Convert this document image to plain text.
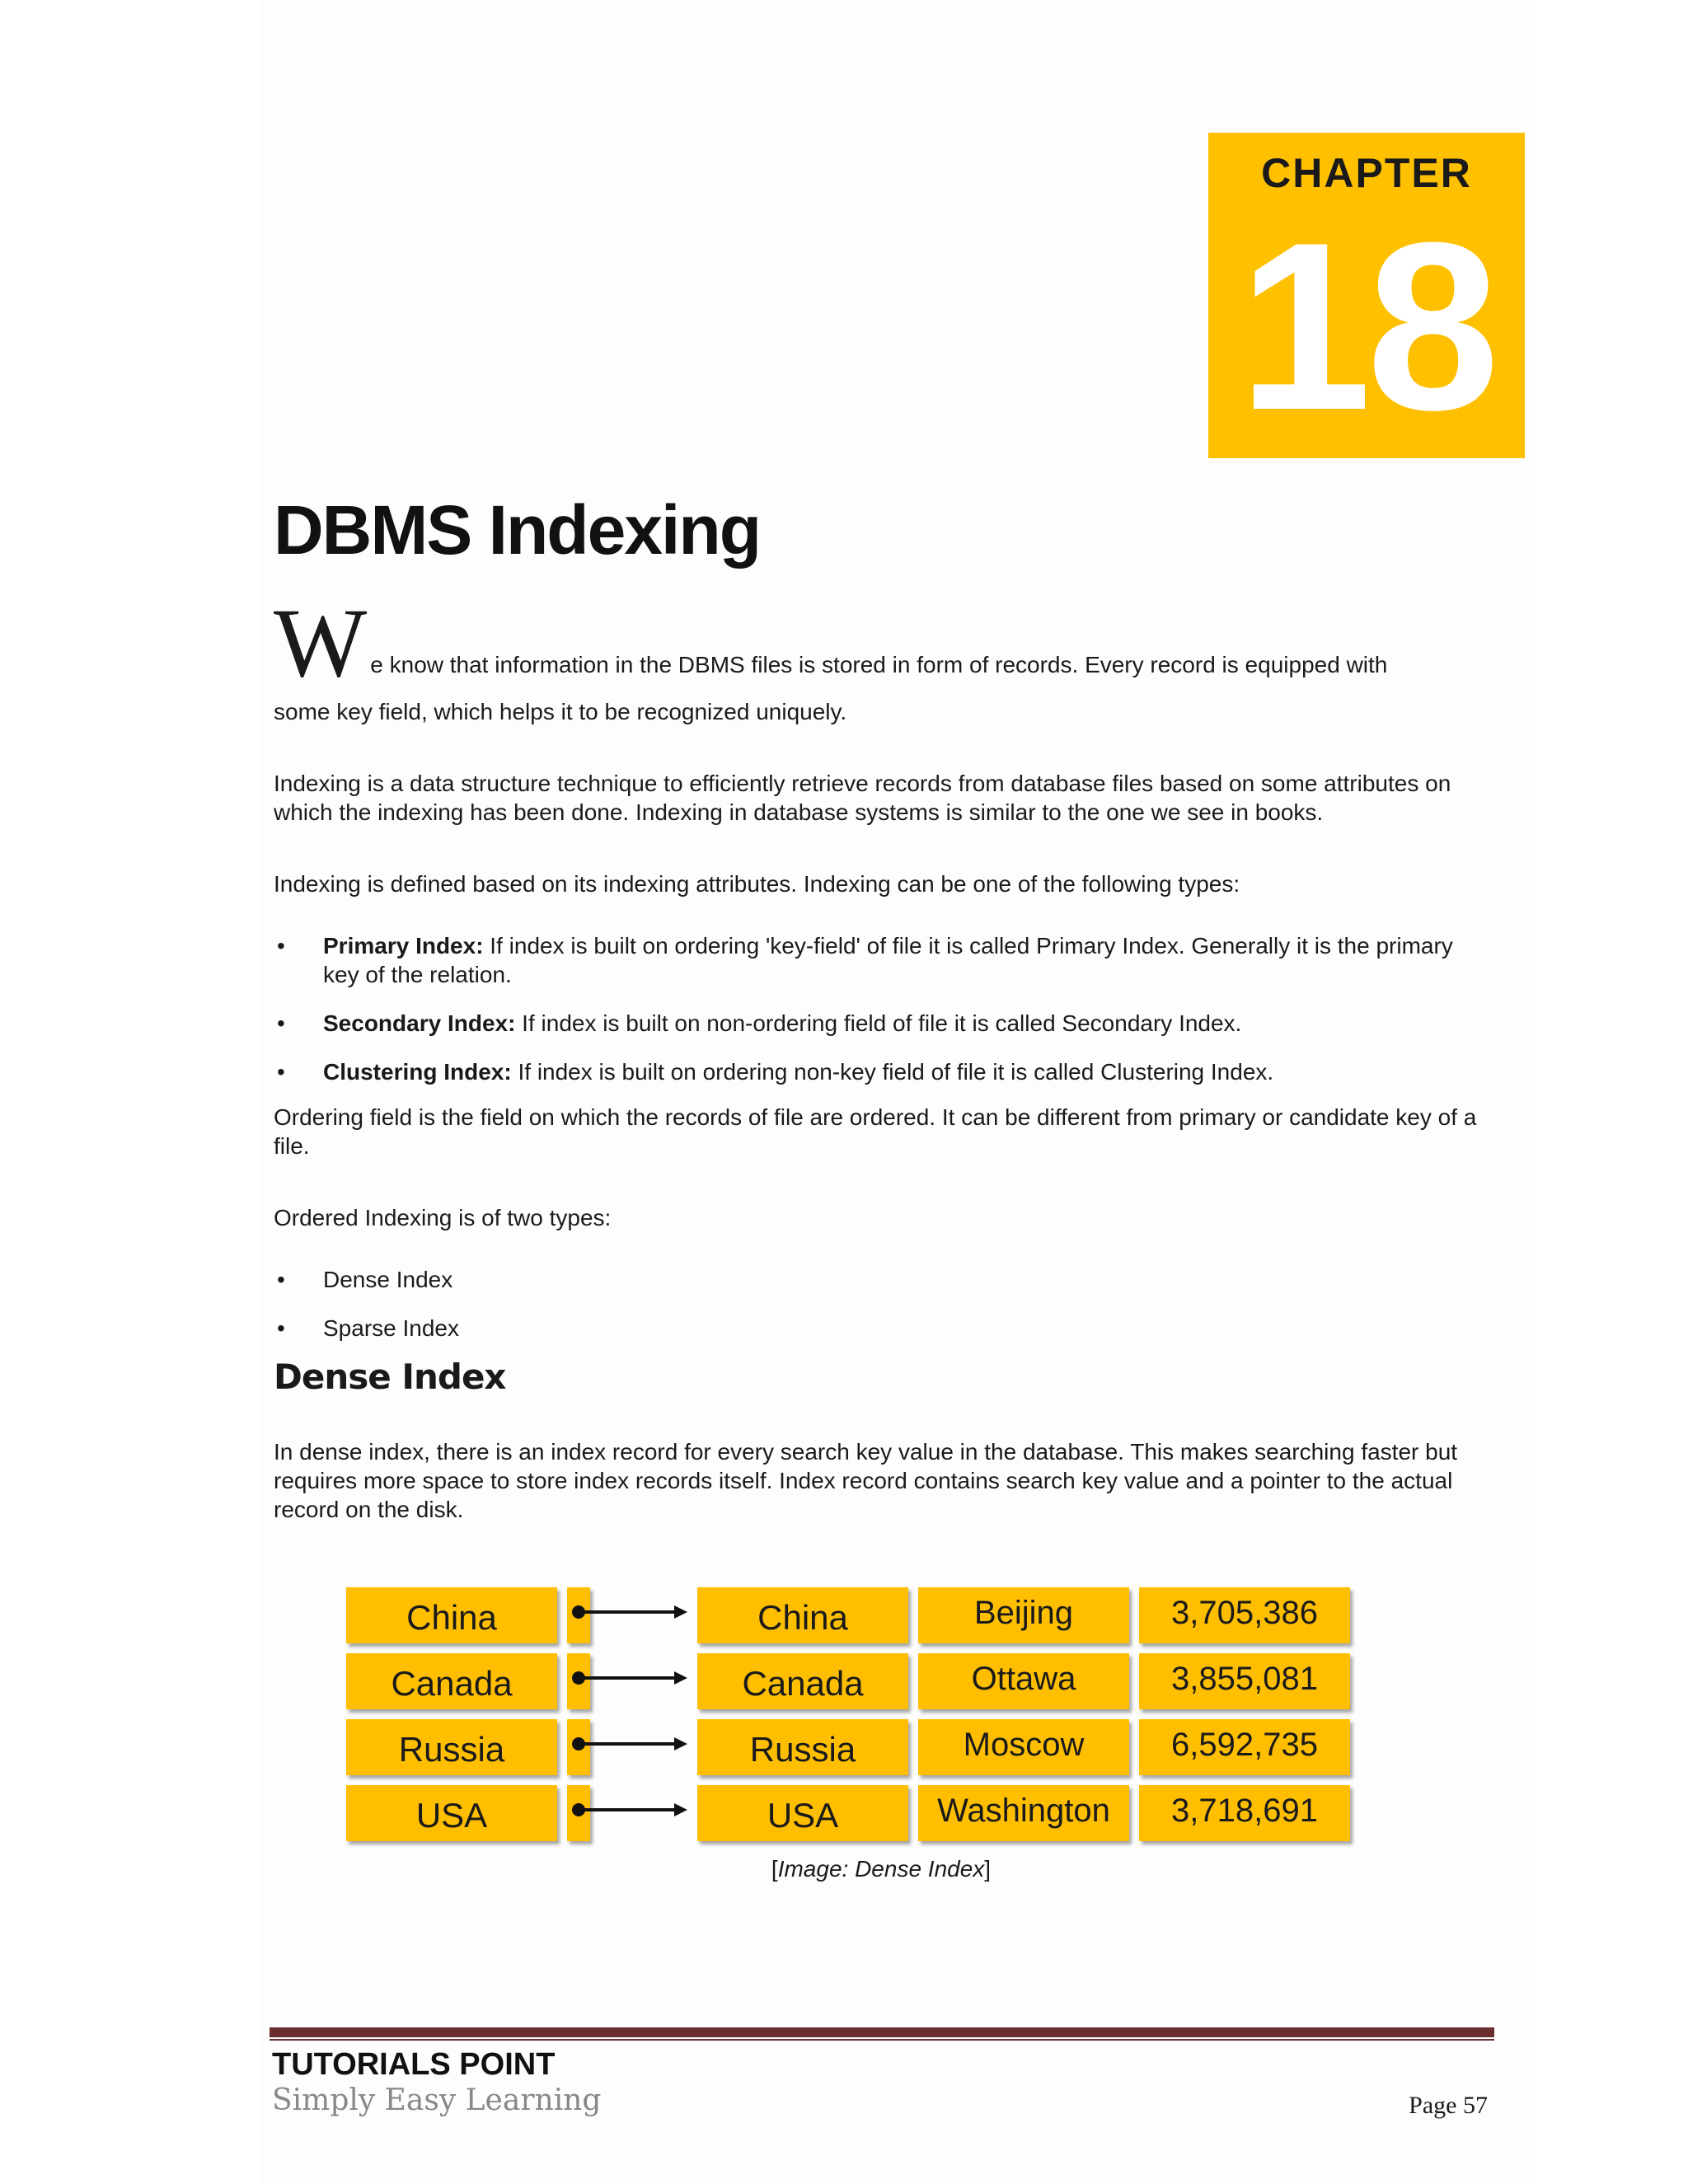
CHAPTER
18
DBMS Indexing

We know that information in the DBMS files is stored in form of records. Every record is equipped with
some key field, which helps it to be recognized uniquely.

Indexing is a data structure technique to efficiently retrieve records from database files based on some attributes on which the indexing has been done. Indexing in database systems is similar to the one we see in books.

Indexing is defined based on its indexing attributes. Indexing can be one of the following types:

• Primary Index: If index is built on ordering 'key-field' of file it is called Primary Index. Generally it is the primary key of the relation.
• Secondary Index: If index is built on non-ordering field of file it is called Secondary Index.
• Clustering Index: If index is built on ordering non-key field of file it is called Clustering Index.

Ordering field is the field on which the records of file are ordered. It can be different from primary or candidate key of a file.

Ordered Indexing is of two types:

• Dense Index
• Sparse Index
Dense Index

In dense index, there is an index record for every search key value in the database. This makes searching faster but requires more space to store index records itself. Index record contains search key value and a pointer to the actual record on the disk.

China
Canada
Russia
USA
China
Canada
Russia
USA
Beijing
Ottawa
Moscow
Washington
3,705,386
3,855,081
6,592,735
3,718,691
[Image: Dense Index]
TUTORIALS POINT
Simply Easy Learning	Page 57
